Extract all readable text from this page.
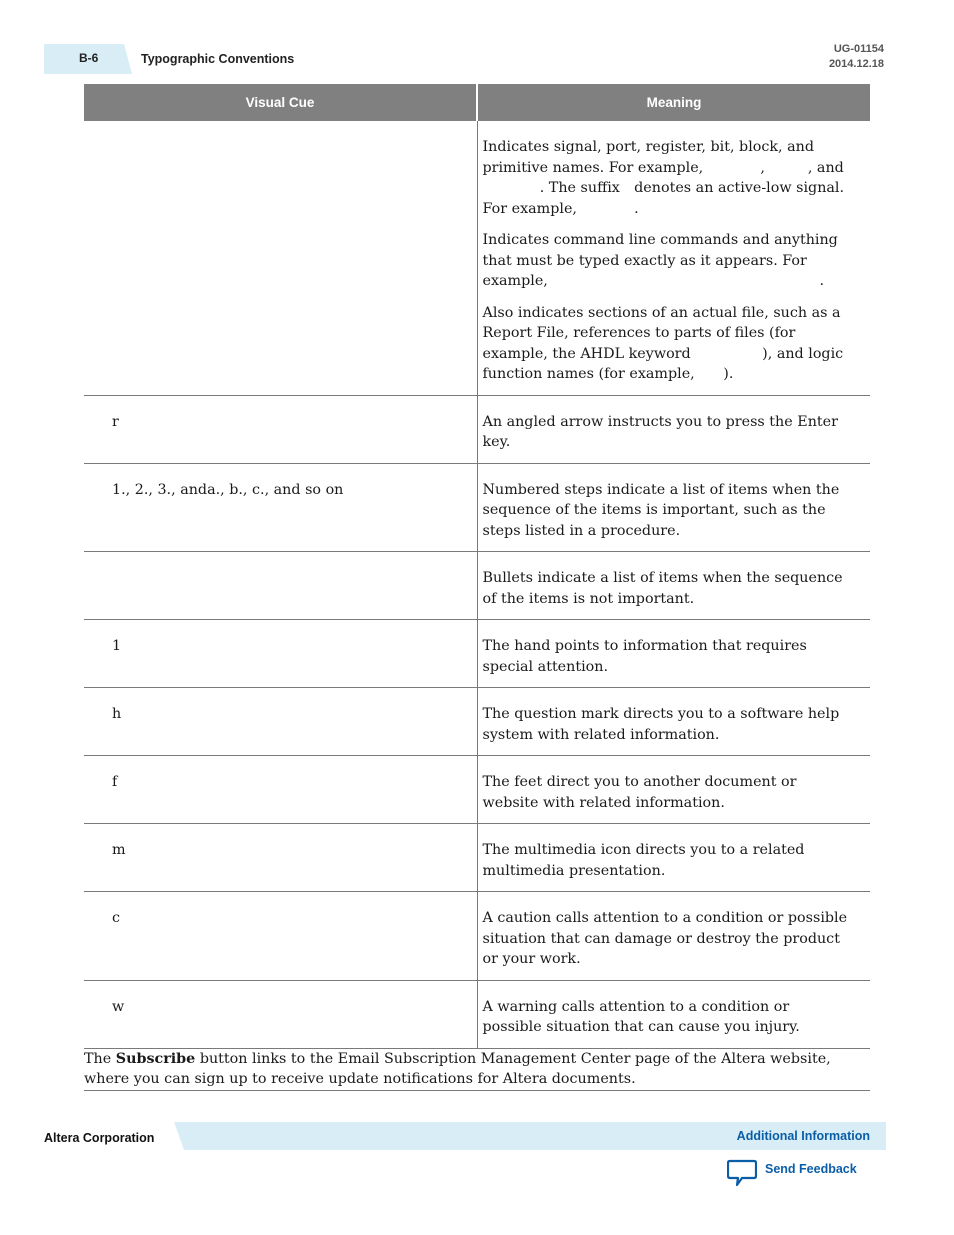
B-6	Typographic Conventions
UG-01154
2014.12.18
Visual Cue	Meaning

	Indicates signal, port, register, bit, block, and primitive names. For example,    ,   , and
    . The suffix denotes an active-low signal. For example,    .

Indicates command line commands and anything that must be typed exactly as it appears. For example,                   .

Also indicates sections of an actual file, such as a Report File, references to parts of files (for example, the AHDL keyword     ), and logic function names (for example,  ).

r	An angled arrow instructs you to press the Enter key.

1., 2., 3., anda., b., c., and so on	Numbered steps indicate a list of items when the sequence of the items is important, such as the steps listed in a procedure.

	Bullets indicate a list of items when the sequence of the items is not important.

1	The hand points to information that requires special attention.

h	The question mark directs you to a software help system with related information.

f	The feet direct you to another document or website with related information.

m	The multimedia icon directs you to a related multimedia presentation.

c	A caution calls attention to a condition or possible situation that can damage or destroy the product or your work.

w	A warning calls attention to a condition or possible situation that can cause you injury.

The Subscribe button links to the Email Subscription Management Center page of the Altera website, where you can sign up to receive update notifications for Altera documents.	
Altera Corporation	Additional Information
Send Feedback
